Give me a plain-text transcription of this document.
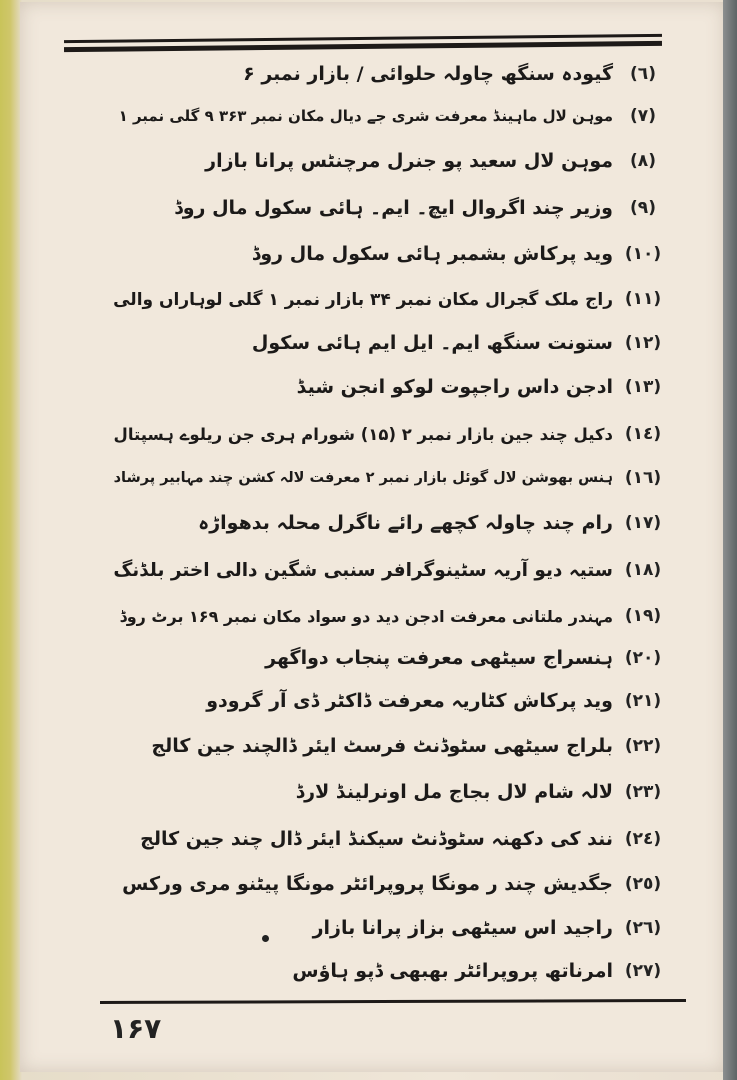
(٦)
گیودہ سنگھ چاولہ حلوائی / بازار نمبر ۶
(٧)
موہن لال ماہینڈ معرفت شری جے دیال مکان نمبر ۳۶۳ ۹ گلی نمبر ۱
(٨)
موہن لال سعید پو جنرل مرچنٹس پرانا بازار
(٩)
وزیر چند اگروال ایچ۔ ایم۔ ہائی سکول مال روڈ
(١٠)
وید پرکاش بشمبر ہائی سکول مال روڈ
(١١)
راج ملک گجرال مکان نمبر ۳۴ بازار نمبر ۱ گلی لوہاراں والی
(١٢)
ستونت سنگھ ایم۔ ایل ایم ہائی سکول
(١٣)
ادجن داس راجپوت لوکو انجن شیڈ
(١٤)
دکیل چند جین بازار نمبر ۲ (۱۵) شورام ہری جن ریلوے ہسپتال
(١٦)
ہنس بھوشن لال گوئل بازار نمبر ۲ معرفت لالہ کشن چند مہابیر پرشاد
(١٧)
رام چند چاولہ کچھے رائے ناگرل محلہ بدھواڑہ
(١٨)
ستیہ دیو آریہ سٹینوگرافر سنبی شگین دالی اختر بلڈنگ
(١٩)
مہندر ملتانی معرفت ادجن دید دو سواد مکان نمبر ۱۶۹ برٹ روڈ
(٢٠)
ہنسراج سیٹھی معرفت پنجاب دواگھر
(٢١)
وید پرکاش کٹاریہ معرفت ڈاکٹر ڈی آر گرودو
(٢٢)
بلراج سیٹھی سٹوڈنٹ فرسٹ ایئر ڈالچند جین کالج
(٢٣)
لالہ شام لال بجاج مل اونرلینڈ لارڈ
(٢٤)
نند کی دکھنہ سٹوڈنٹ سیکنڈ ایئر ڈال چند جین کالج
(٢٥)
جگدیش چند ر مونگا پروپرائٹر مونگا پیٹنو مری ورکس
(٢٦)
راجید اس سیٹھی بزاز پرانا بازار
(٢٧)
امرناتھ پروپرائٹر بھبھی ڈپو ہاؤس
۱۶۷
